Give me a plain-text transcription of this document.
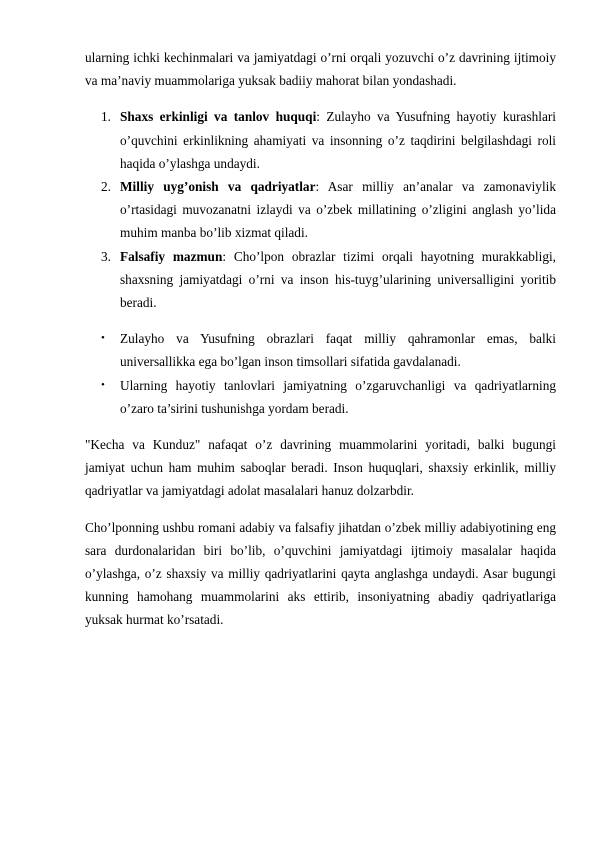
ularning ichki kechinmalari va jamiyatdagi o’rni orqali yozuvchi o’z davrining ijtimoiy va ma’naviy muammolariga yuksak badiiy mahorat bilan yondashadi.

1. Shaxs erkinligi va tanlov huquqi: Zulayho va Yusufning hayotiy kurashlari o’quvchini erkinlikning ahamiyati va insonning o’z taqdirini belgilashdagi roli haqida o’ylashga undaydi.
2. Milliy uyg’onish va qadriyatlar: Asar milliy an’analar va zamonaviylik o’rtasidagi muvozanatni izlaydi va o’zbek millatining o’zligini anglash yo’lida muhim manba bo’lib xizmat qiladi.
3. Falsafiy mazmun: Cho’lpon obrazlar tizimi orqali hayotning murakkabligi, shaxsning jamiyatdagi o’rni va inson his-tuyg’ularining universalligini yoritib beradi.
• Zulayho va Yusufning obrazlari faqat milliy qahramonlar emas, balki universallikka ega bo’lgan inson timsollari sifatida gavdalanadi.
• Ularning hayotiy tanlovlari jamiyatning o’zgaruvchanligi va qadriyatlarning o’zaro ta’sirini tushunishga yordam beradi.

"Kecha va Kunduz" nafaqat o’z davrining muammolarini yoritadi, balki bugungi jamiyat uchun ham muhim saboqlar beradi. Inson huquqlari, shaxsiy erkinlik, milliy qadriyatlar va jamiyatdagi adolat masalalari hanuz dolzarbdir.

Cho’lponning ushbu romani adabiy va falsafiy jihatdan o’zbek milliy adabiyotining eng sara durdonalaridan biri bo’lib, o’quvchini jamiyatdagi ijtimoiy masalalar haqida o’ylashga, o’z shaxsiy va milliy qadriyatlarini qayta anglashga undaydi. Asar bugungi kunning hamohang muammolarini aks ettirib, insoniyatning abadiy qadriyatlariga yuksak hurmat ko’rsatadi.
